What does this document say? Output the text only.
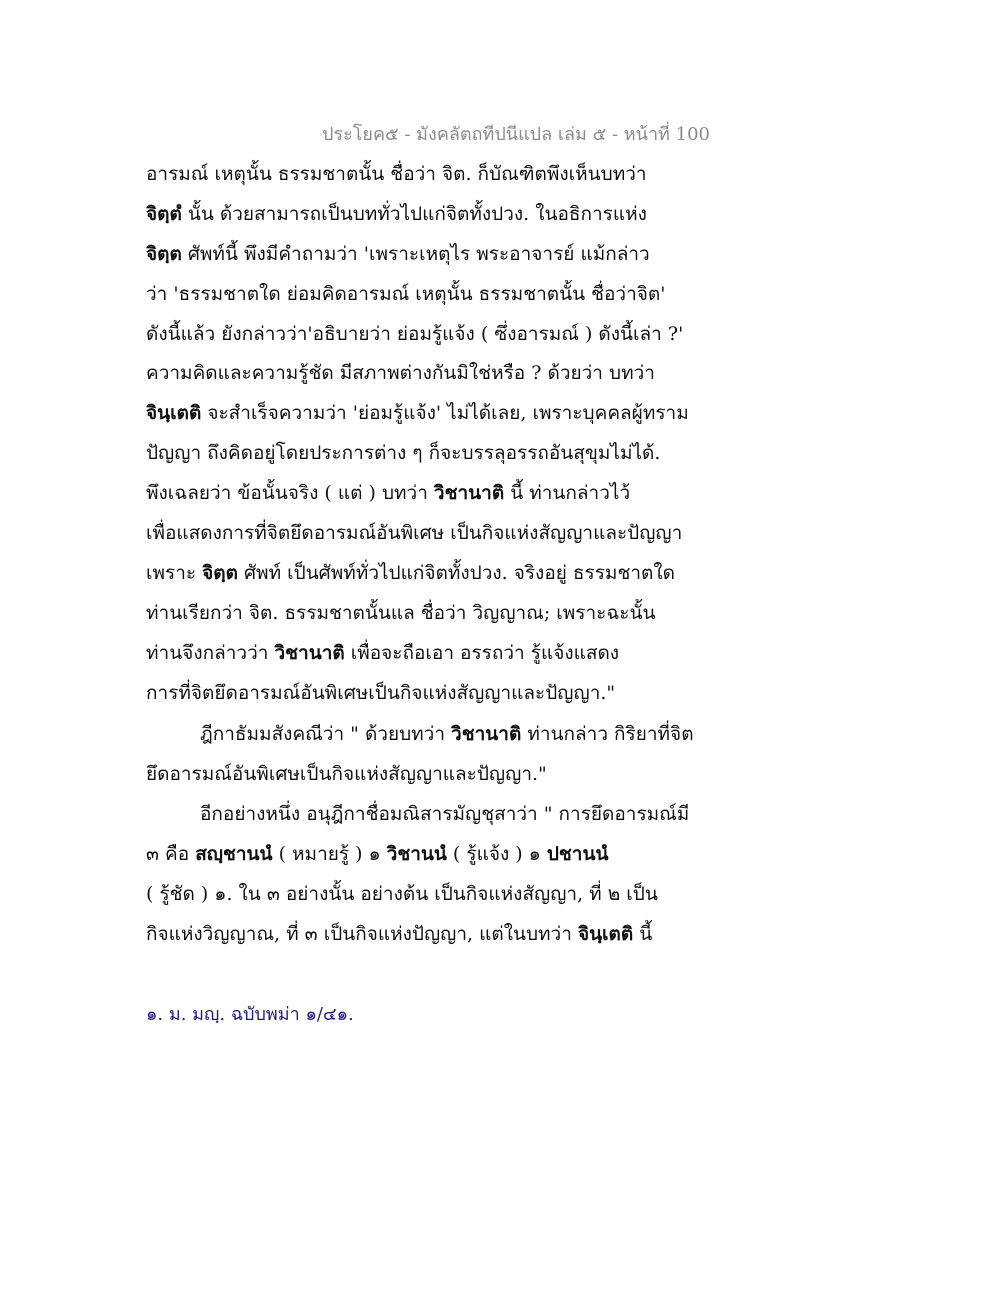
ประโยค๕ - มังคลัตถทีปนีแปล เล่ม ๕ - หน้าที่ 100
อารมณ์ เหตุนั้น ธรรมชาตนั้น ชื่อว่า จิต. ก็บัณฑิตพึงเห็นบทว่า
จิตฺตํ นั้น ด้วยสามารถเป็นบททั่วไปแก่จิตทั้งปวง. ในอธิการแห่ง
จิตฺต ศัพท์นี้ พึงมีคำถามว่า 'เพราะเหตุไร พระอาจารย์ แม้กล่าว
ว่า 'ธรรมชาตใด ย่อมคิดอารมณ์ เหตุนั้น ธรรมชาตนั้น ชื่อว่าจิต'
ดังนี้แล้ว ยังกล่าวว่า'อธิบายว่า ย่อมรู้แจ้ง ( ซึ่งอารมณ์ ) ดังนี้เล่า ?'
ความคิดและความรู้ชัด มีสภาพต่างกันมิใช่หรือ ? ด้วยว่า บทว่า
จินฺเตติ จะสำเร็จความว่า 'ย่อมรู้แจ้ง' ไม่ได้เลย, เพราะบุคคลผู้ทราม
ปัญญา ถึงคิดอยู่โดยประการต่าง ๆ ก็จะบรรลุอรรถอันสุขุมไม่ได้.
พึงเฉลยว่า ข้อนั้นจริง ( แต่ ) บทว่า วิชานาติ นี้ ท่านกล่าวไว้
เพื่อแสดงการที่จิตยึดอารมณ์อันพิเศษ เป็นกิจแห่งสัญญาและปัญญา
เพราะ จิตฺต ศัพท์ เป็นศัพท์ทั่วไปแก่จิตทั้งปวง. จริงอยู่ ธรรมชาตใด
ท่านเรียกว่า จิต. ธรรมชาตนั้นแล ชื่อว่า วิญญาณ; เพราะฉะนั้น
ท่านจึงกล่าวว่า วิชานาติ เพื่อจะถือเอา อรรถว่า รู้แจ้งแสดง
การที่จิตยึดอารมณ์อันพิเศษเป็นกิจแห่งสัญญาและปัญญา."
ฎีกาธัมมสังคณีว่า " ด้วยบทว่า วิชานาติ ท่านกล่าว กิริยาที่จิต
ยึดอารมณ์อันพิเศษเป็นกิจแห่งสัญญาและปัญญา."
อีกอย่างหนึ่ง อนุฎีกาชื่อมณิสารมัญชุสาว่า " การยึดอารมณ์มี
๓ คือ สญฺชานนํ ( หมายรู้ ) ๑ วิชานนํ ( รู้แจ้ง ) ๑ ปชานนํ
( รู้ชัด ) ๑. ใน ๓ อย่างนั้น อย่างต้น เป็นกิจแห่งสัญญา, ที่ ๒ เป็น
กิจแห่งวิญญาณ, ที่ ๓ เป็นกิจแห่งปัญญา, แต่ในบทว่า จินฺเตติ นี้
๑. ม. มญฺ. ฉบับพม่า ๑/๔๑.
